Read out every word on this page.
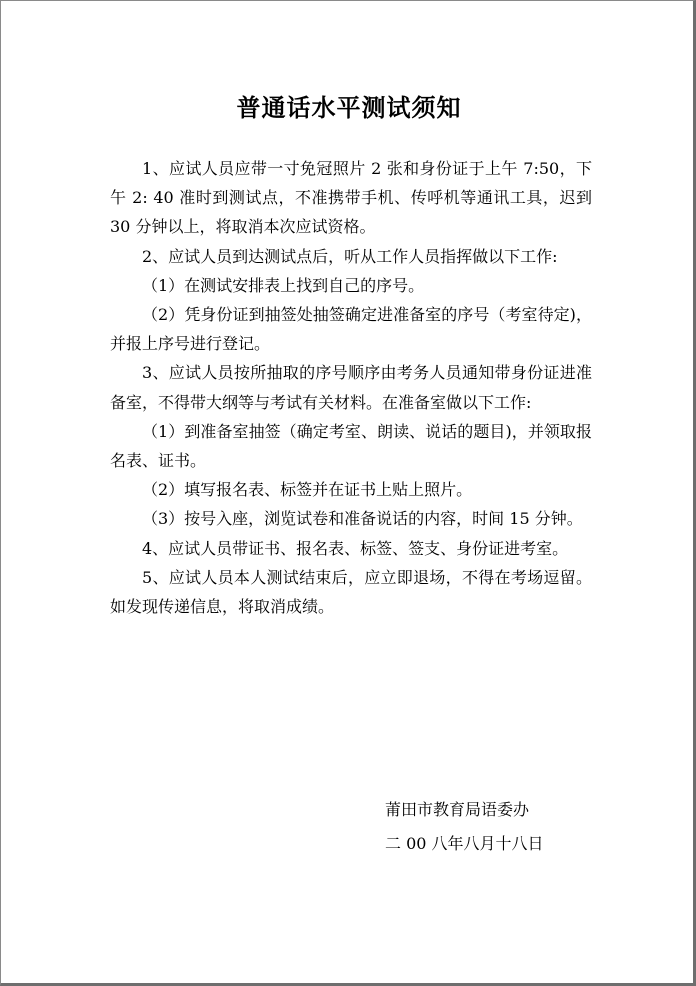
普通话水平测试须知

1、应试人员应带一寸免冠照片 2 张和身份证于上午 7:50，下午 2: 40 准时到测试点，不准携带手机、传呼机等通讯工具，迟到 30 分钟以上，将取消本次应试资格。

2、应试人员到达测试点后，听从工作人员指挥做以下工作:

（1）在测试安排表上找到自己的序号。

（2）凭身份证到抽签处抽签确定进准备室的序号（考室待定)，并报上序号进行登记。

3、应试人员按所抽取的序号顺序由考务人员通知带身份证进准备室，不得带大纲等与考试有关材料。在准备室做以下工作:

（1）到准备室抽签（确定考室、朗读、说话的题目)，并领取报名表、证书。

（2）填写报名表、标签并在证书上贴上照片。

（3）按号入座，浏览试卷和准备说话的内容，时间 15 分钟。

4、应试人员带证书、报名表、标签、签支、身份证进考室。

5、应试人员本人测试结束后，应立即退场，不得在考场逗留。如发现传递信息，将取消成绩。

莆田市教育局语委办
二 00 八年八月十八日
